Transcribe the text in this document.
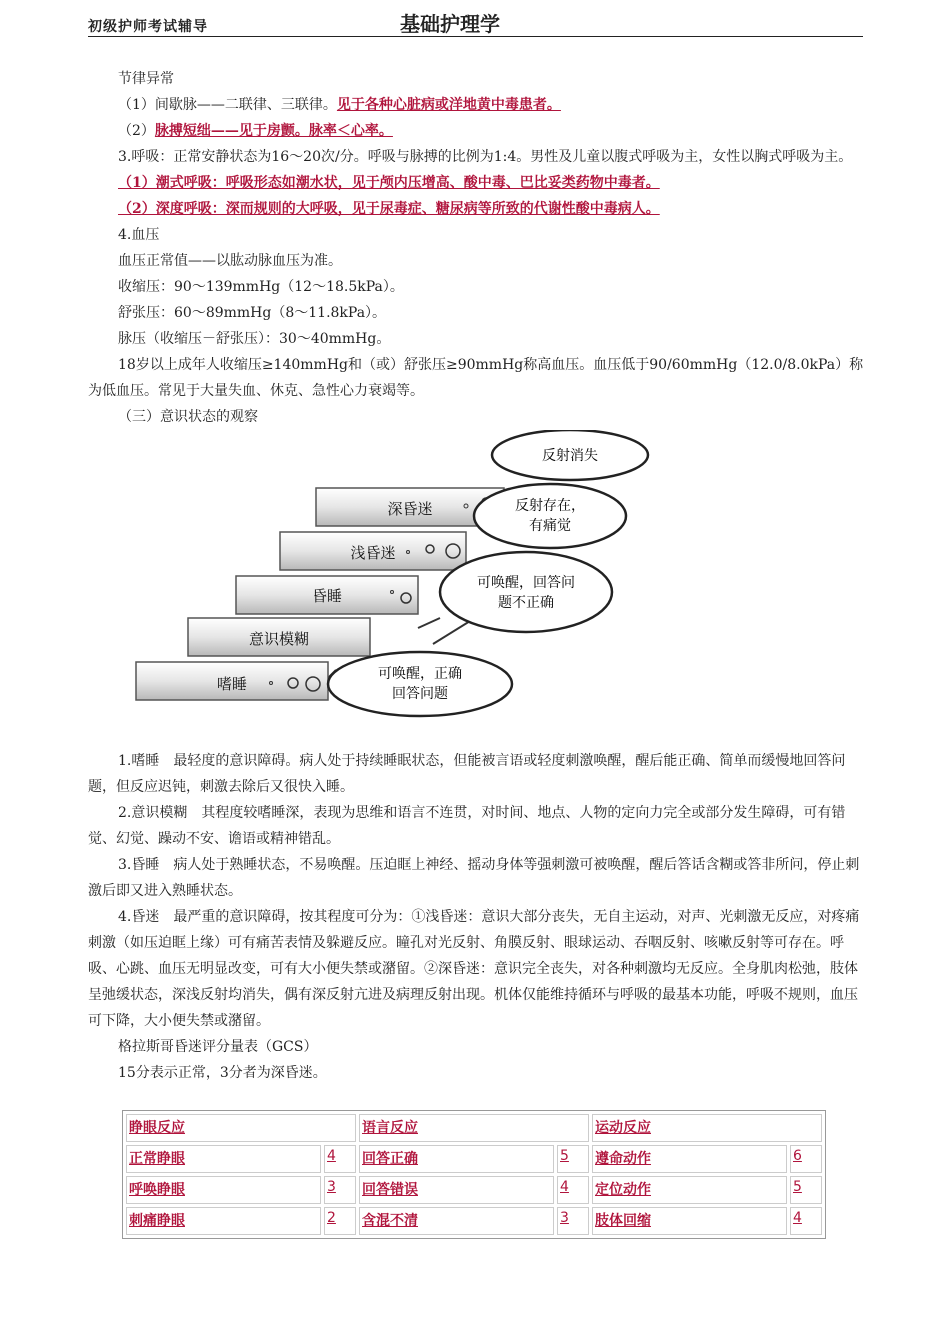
初级护师考试辅导	基础护理学

节律异常

（1）间歇脉——二联律、三联律。见于各种心脏病或洋地黄中毒患者。

（2）脉搏短绌——见于房颤。脉率＜心率。

3.呼吸：正常安静状态为16～20次/分。呼吸与脉搏的比例为1:4。男性及儿童以腹式呼吸为主，女性以胸式呼吸为主。

（1）潮式呼吸：呼吸形态如潮水状，见于颅内压增高、酸中毒、巴比妥类药物中毒者。

（2）深度呼吸：深而规则的大呼吸，见于尿毒症、糖尿病等所致的代谢性酸中毒病人。

4.血压

血压正常值——以肱动脉血压为准。

收缩压：90～139mmHg（12～18.5kPa）。

舒张压：60～89mmHg（8～11.8kPa）。

脉压（收缩压－舒张压）：30～40mmHg。

18岁以上成年人收缩压≥140mmHg和（或）舒张压≥90mmHg称高血压。血压低于90/60mmHg（12.0/8.0kPa）称为低血压。常见于大量失血、休克、急性心力衰竭等。

（三）意识状态的观察

嗜睡
意识模糊
昏睡
浅昏迷
深昏迷
可唤醒，正确
回答问题
可唤醒，回答问
题不正确
反射存在，
有痛觉
反射消失

1.嗜睡　最轻度的意识障碍。病人处于持续睡眠状态，但能被言语或轻度刺激唤醒，醒后能正确、简单而缓慢地回答问题，但反应迟钝，刺激去除后又很快入睡。

2.意识模糊　其程度较嗜睡深，表现为思维和语言不连贯，对时间、地点、人物的定向力完全或部分发生障碍，可有错觉、幻觉、躁动不安、谵语或精神错乱。

3.昏睡　病人处于熟睡状态，不易唤醒。压迫眶上神经、摇动身体等强刺激可被唤醒，醒后答话含糊或答非所问，停止刺激后即又进入熟睡状态。

4.昏迷　最严重的意识障碍，按其程度可分为：①浅昏迷：意识大部分丧失，无自主运动，对声、光刺激无反应，对疼痛刺激（如压迫眶上缘）可有痛苦表情及躲避反应。瞳孔对光反射、角膜反射、眼球运动、吞咽反射、咳嗽反射等可存在。呼吸、心跳、血压无明显改变，可有大小便失禁或潴留。②深昏迷：意识完全丧失，对各种刺激均无反应。全身肌肉松弛，肢体呈弛缓状态，深浅反射均消失，偶有深反射亢进及病理反射出现。机体仅能维持循环与呼吸的最基本功能，呼吸不规则，血压可下降，大小便失禁或潴留。

格拉斯哥昏迷评分量表（GCS）

15分表示正常，3分者为深昏迷。

睁眼反应		语言反应		运动反应	
正常睁眼	4	回答正确	5	遵命动作	6
呼唤睁眼	3	回答错误	4	定位动作	5
刺痛睁眼	2	含混不清	3	肢体回缩	4
